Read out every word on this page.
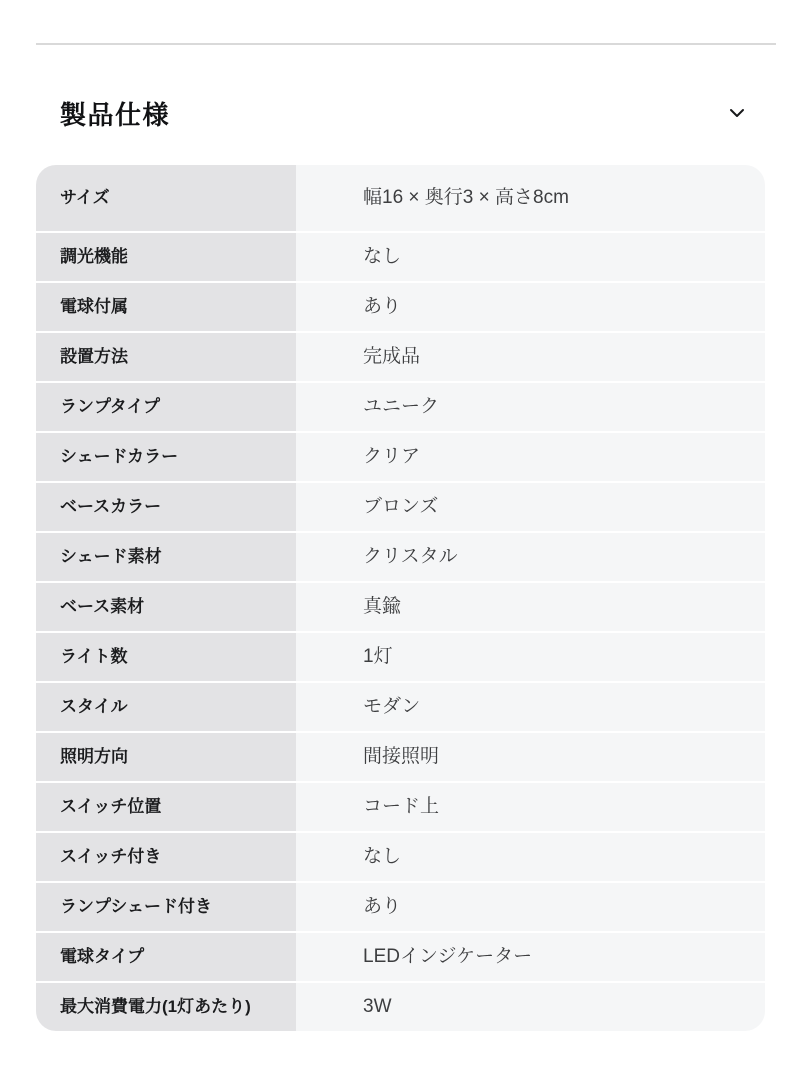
製品仕様
サイズ	幅16 × 奥行3 × 高さ8cm
調光機能	なし
電球付属	あり
設置方法	完成品
ランプタイプ	ユニーク
シェードカラー	クリア
ベースカラー	ブロンズ
シェード素材	クリスタル
ベース素材	真鍮
ライト数	1灯
スタイル	モダン
照明方向	間接照明
スイッチ位置	コード上
スイッチ付き	なし
ランプシェード付き	あり
電球タイプ	LEDインジケーター
最大消費電力(1灯あたり)	3W
